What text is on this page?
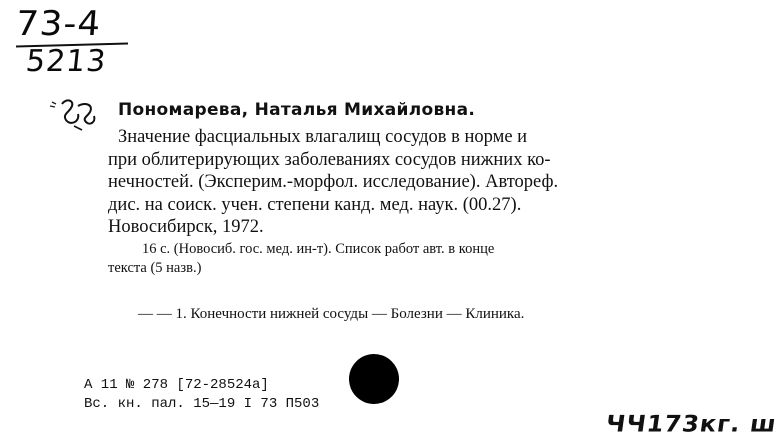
73-4
5213
Пономарева, Наталья Михайловна.
Значение фасциальных влагалищ сосудов в норме и
при облитерирующих заболеваниях сосудов нижних ко-
нечностей. (Эксперим.-морфол. исследование). Автореф.
дис. на соиск. учен. степени канд. мед. наук. (00.27).
Новосибирск, 1972.
16 с. (Новосиб. гос. мед. ин-т). Список работ авт. в конце
текста (5 назв.)
— — 1. Конечности нижней сосуды — Болезни — Клиника.
А 11 № 278 [72-28524а]
Вс. кн. пал. 15—19 I 73 П503
ЧЧ173кг. ш
